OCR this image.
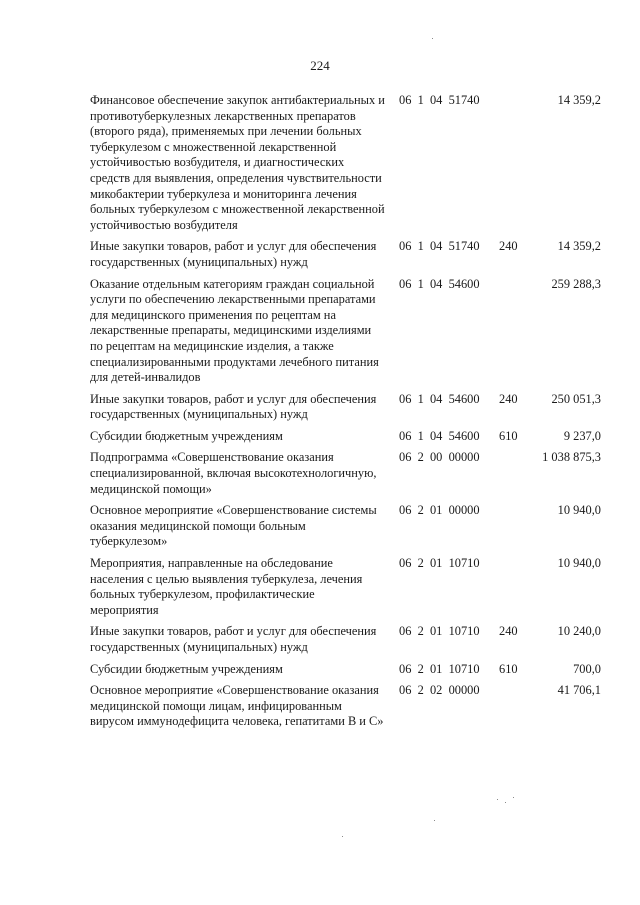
224
Финансовое обеспечение закупок антибактериальных и противотуберкулезных лекарственных препаратов (второго ряда), применяемых при лечении больных туберкулезом с множественной лекарственной устойчивостью возбудителя, и диагностических средств для выявления, определения чувствительности микобактерии туберкулеза и мониторинга лечения больных туберкулезом с множественной лекарственной устойчивостью возбудителя
06  1  04  51740	14 359,2
Иные закупки товаров, работ и услуг для обеспечения государственных (муниципальных) нужд
06  1  04  51740 240	14 359,2
Оказание отдельным категориям граждан социальной услуги по обеспечению лекарственными препаратами для медицинского применения по рецептам на лекарственные препараты, медицинскими изделиями по рецептам на медицинские изделия, а также специализированными продуктами лечебного питания для детей-инвалидов
06  1  04  54600	259 288,3
Иные закупки товаров, работ и услуг для обеспечения государственных (муниципальных) нужд
06  1  04  54600 240	250 051,3
Субсидии бюджетным учреждениям	06  1  04  54600 610	9 237,0
Подпрограмма «Совершенствование оказания специализированной, включая высокотехнологичную, медицинской помощи»
06  2  00  00000	1 038 875,3
Основное мероприятие «Совершенствование системы оказания медицинской помощи больным туберкулезом»
06  2  01  00000	10 940,0
Мероприятия, направленные на обследование населения с целью выявления туберкулеза, лечения больных туберкулезом, профилактические мероприятия
06  2  01  10710	10 940,0
Иные закупки товаров, работ и услуг для обеспечения государственных (муниципальных) нужд
06  2  01  10710 240	10 240,0
Субсидии бюджетным учреждениям	06  2  01  10710 610	700,0
Основное мероприятие «Совершенствование оказания медицинской помощи лицам, инфицированным вирусом иммунодефицита человека, гепатитами В и С»
06  2  02  00000	41 706,1
